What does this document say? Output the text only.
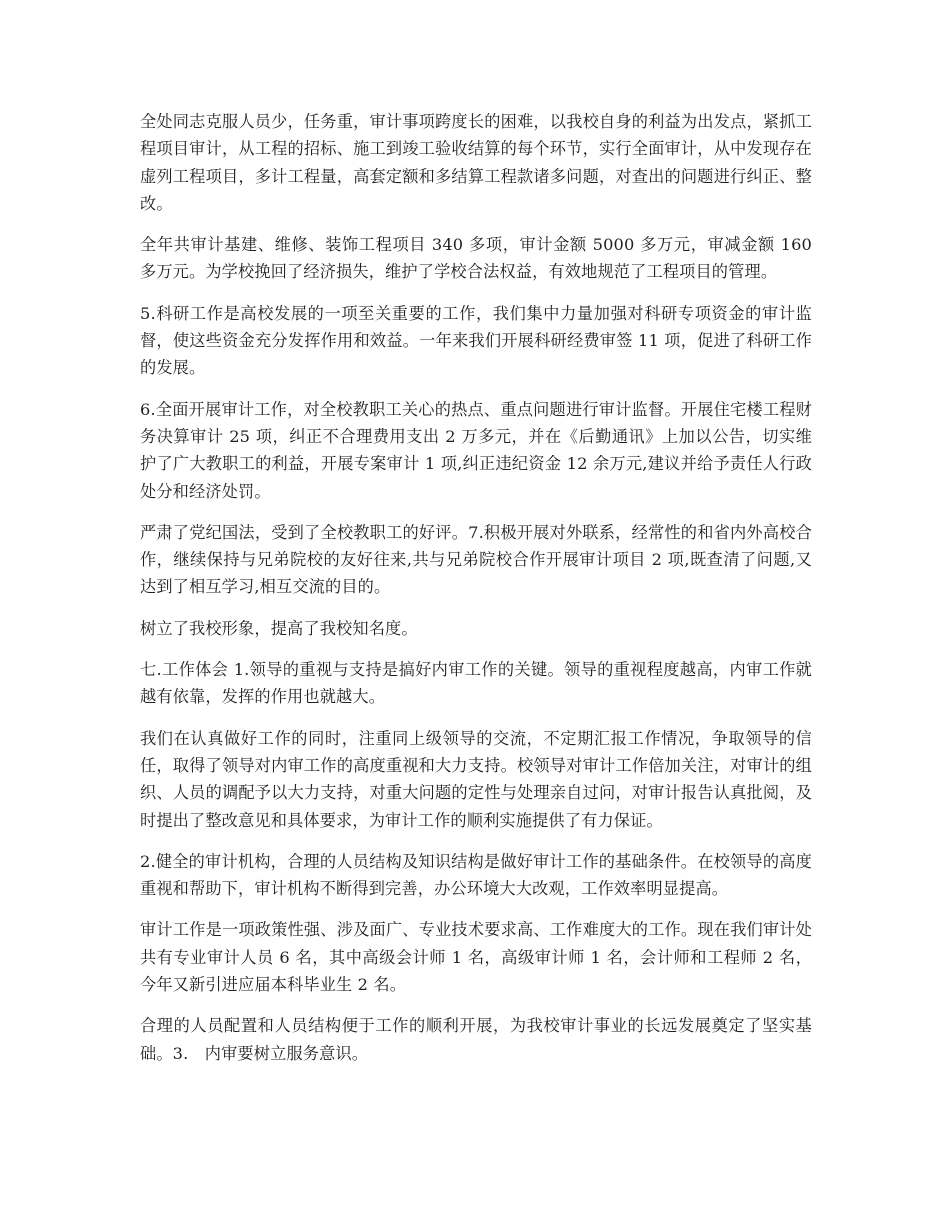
全处同志克服人员少，任务重，审计事项跨度长的困难，以我校自身的利益为出发点，紧抓工程项目审计，从工程的招标、施工到竣工验收结算的每个环节，实行全面审计，从中发现存在虚列工程项目，多计工程量，高套定额和多结算工程款诸多问题，对查出的问题进行纠正、整改。

全年共审计基建、维修、装饰工程项目 340 多项，审计金额 5000 多万元，审减金额 160 多万元。为学校挽回了经济损失，维护了学校合法权益，有效地规范了工程项目的管理。

5.科研工作是高校发展的一项至关重要的工作，我们集中力量加强对科研专项资金的审计监督，使这些资金充分发挥作用和效益。一年来我们开展科研经费审签 11 项，促进了科研工作的发展。

6.全面开展审计工作，对全校教职工关心的热点、重点问题进行审计监督。开展住宅楼工程财务决算审计 25 项，纠正不合理费用支出 2 万多元，并在《后勤通讯》上加以公告，切实维护了广大教职工的利益，开展专案审计 1 项,纠正违纪资金 12 余万元,建议并给予责任人行政处分和经济处罚。

严肃了党纪国法，受到了全校教职工的好评。7.积极开展对外联系，经常性的和省内外高校合作，继续保持与兄弟院校的友好往来,共与兄弟院校合作开展审计项目 2 项,既查清了问题,又达到了相互学习,相互交流的目的。

树立了我校形象，提高了我校知名度。

七.工作体会 1.领导的重视与支持是搞好内审工作的关键。领导的重视程度越高，内审工作就越有依靠，发挥的作用也就越大。

我们在认真做好工作的同时，注重同上级领导的交流，不定期汇报工作情况，争取领导的信任，取得了领导对内审工作的高度重视和大力支持。校领导对审计工作倍加关注，对审计的组织、人员的调配予以大力支持，对重大问题的定性与处理亲自过问，对审计报告认真批阅，及时提出了整改意见和具体要求，为审计工作的顺利实施提供了有力保证。

2.健全的审计机构，合理的人员结构及知识结构是做好审计工作的基础条件。在校领导的高度重视和帮助下，审计机构不断得到完善，办公环境大大改观，工作效率明显提高。

审计工作是一项政策性强、涉及面广、专业技术要求高、工作难度大的工作。现在我们审计处共有专业审计人员 6 名，其中高级会计师 1 名，高级审计师 1 名，会计师和工程师 2 名，今年又新引进应届本科毕业生 2 名。

合理的人员配置和人员结构便于工作的顺利开展，为我校审计事业的长远发展奠定了坚实基础。3.　内审要树立服务意识。
